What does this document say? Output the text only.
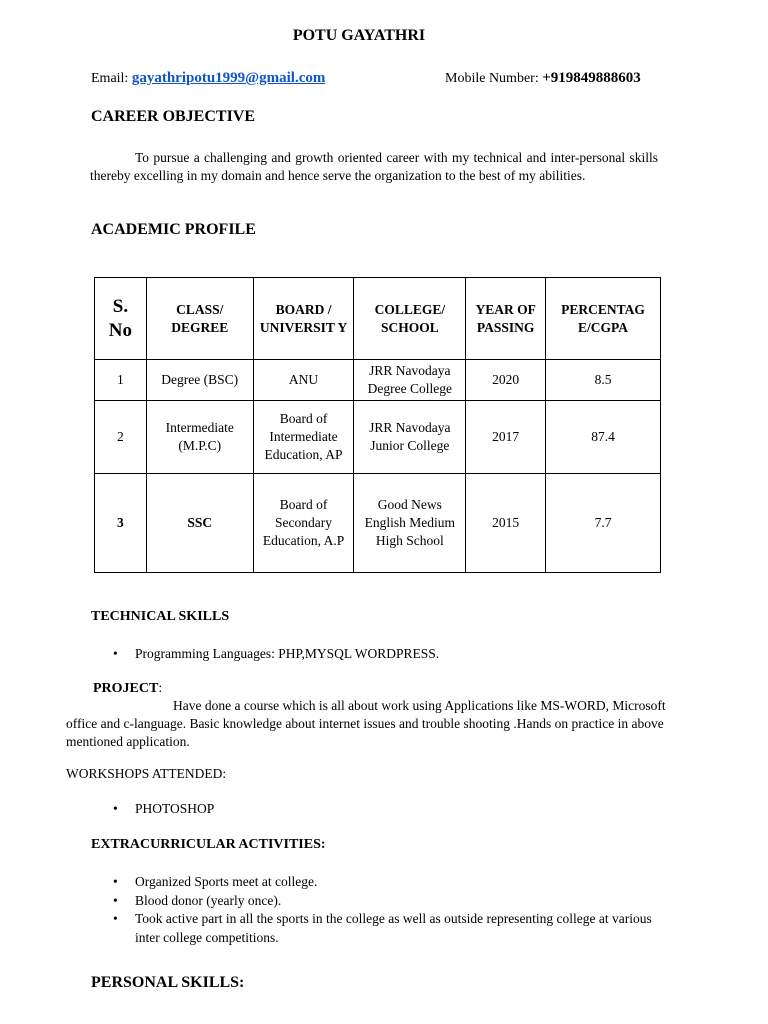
POTU GAYATHRI
Email: gayathripotu1999@gmail.com	Mobile Number: +919849888603
CAREER OBJECTIVE
To pursue a challenging and growth oriented career with my technical and inter-personal skills thereby excelling in my domain and hence serve the organization to the best of my abilities.
ACADEMIC PROFILE
S. No	CLASS/ DEGREE	BOARD / UNIVERSIT Y	COLLEGE/ SCHOOL	YEAR OF PASSING	PERCENTAG E/CGPA
1	Degree (BSC)	ANU	JRR Navodaya Degree College	2020	8.5
2	Intermediate (M.P.C)	Board of Intermediate Education, AP	JRR Navodaya Junior College	2017	87.4
3	SSC	Board of Secondary Education, A.P	Good News English Medium High School	2015	7.7
TECHNICAL SKILLS
• Programming Languages: PHP,MYSQL WORDPRESS.
PROJECT:
Have done a course which is all about work using Applications like MS-WORD, Microsoft office and c-language. Basic knowledge about internet issues and trouble shooting .Hands on practice in above mentioned application.
WORKSHOPS ATTENDED:
• PHOTOSHOP
EXTRACURRICULAR ACTIVITIES:
• Organized Sports meet at college.
• Blood donor (yearly once).
• Took active part in all the sports in the college as well as outside representing college at various inter college competitions.
PERSONAL SKILLS:
